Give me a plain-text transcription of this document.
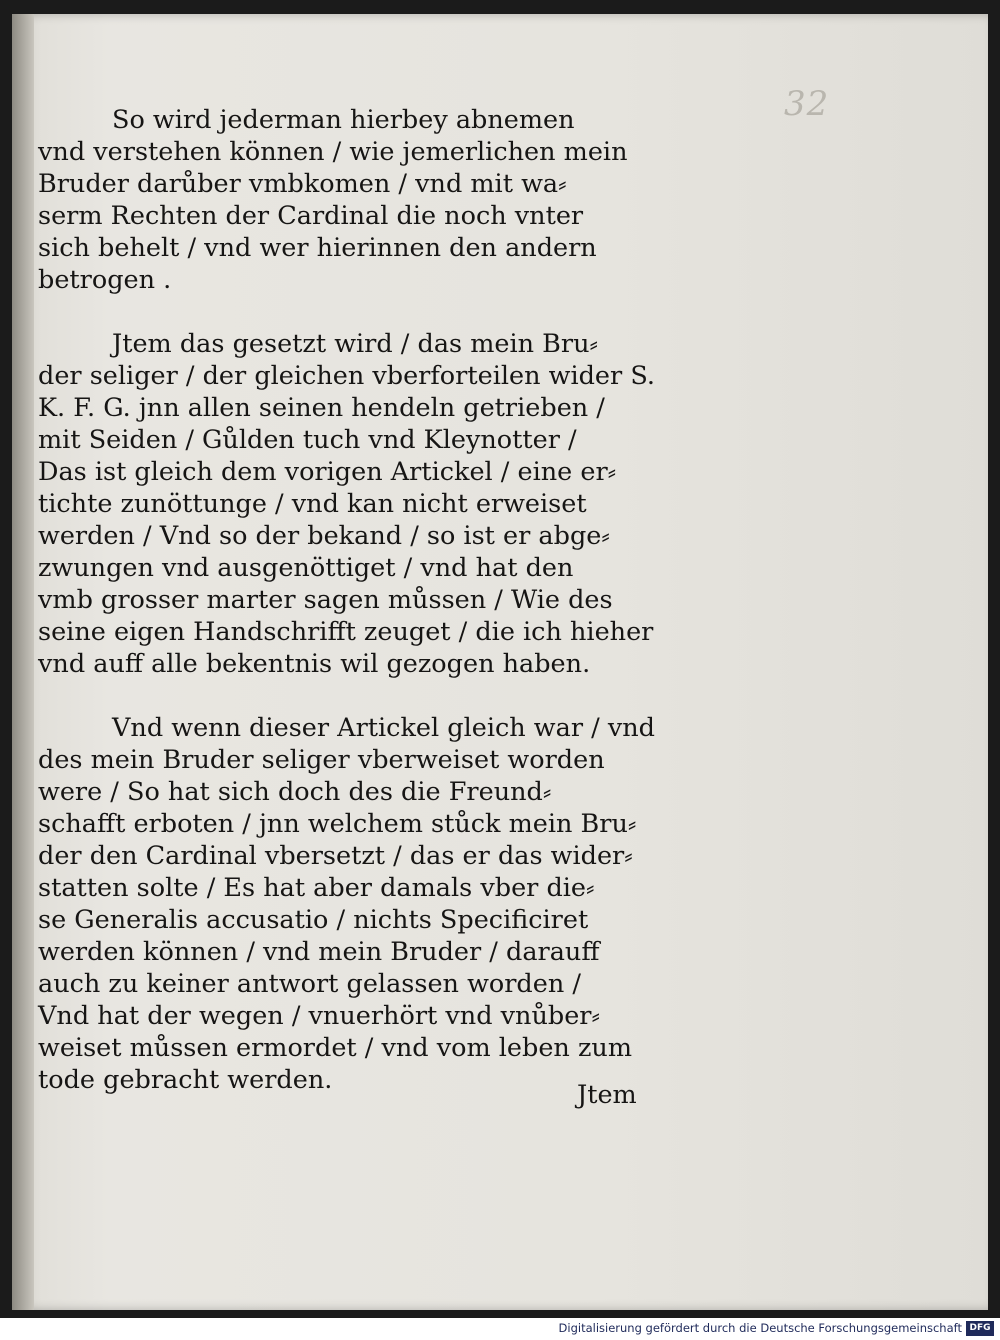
32
So wird jederman hierbey abnemen
vnd verstehen können / wie jemerlichen mein
Bruder darůber vmbkomen / vnd mit wa⸗
serm Rechten der Cardinal die noch vnter
sich behelt / vnd wer hierinnen den andern
betrogen .
Jtem das gesetzt wird / das mein Bru⸗
der seliger / der gleichen vberforteilen wider S.
K. F. G. jnn allen seinen hendeln getrieben /
mit Seiden / Gůlden tuch vnd Kleynotter /
Das ist gleich dem vorigen Artickel / eine er⸗
tichte zunöttunge / vnd kan nicht erweiset
werden / Vnd so der bekand / so ist er abge⸗
zwungen vnd ausgenöttiget / vnd hat den
vmb grosser marter sagen můssen / Wie des
seine eigen Handschrifft zeuget / die ich hieher
vnd auff alle bekentnis wil gezogen haben.
Vnd wenn dieser Artickel gleich war / vnd
des mein Bruder seliger vberweiset worden
were / So hat sich doch des die Freund⸗
schafft erboten / jnn welchem stůck mein Bru⸗
der den Cardinal vbersetzt / das er das wider⸗
statten solte / Es hat aber damals vber die⸗
se Generalis accusatio / nichts Specificiret
werden können / vnd mein Bruder / darauff
auch zu keiner antwort gelassen worden /
Vnd hat der wegen / vnuerhört vnd vnůber⸗
weiset můssen ermordet / vnd vom leben zum
tode gebracht werden.	Jtem
Digitalisierung gefördert durch die Deutsche Forschungsgemeinschaft DFG
